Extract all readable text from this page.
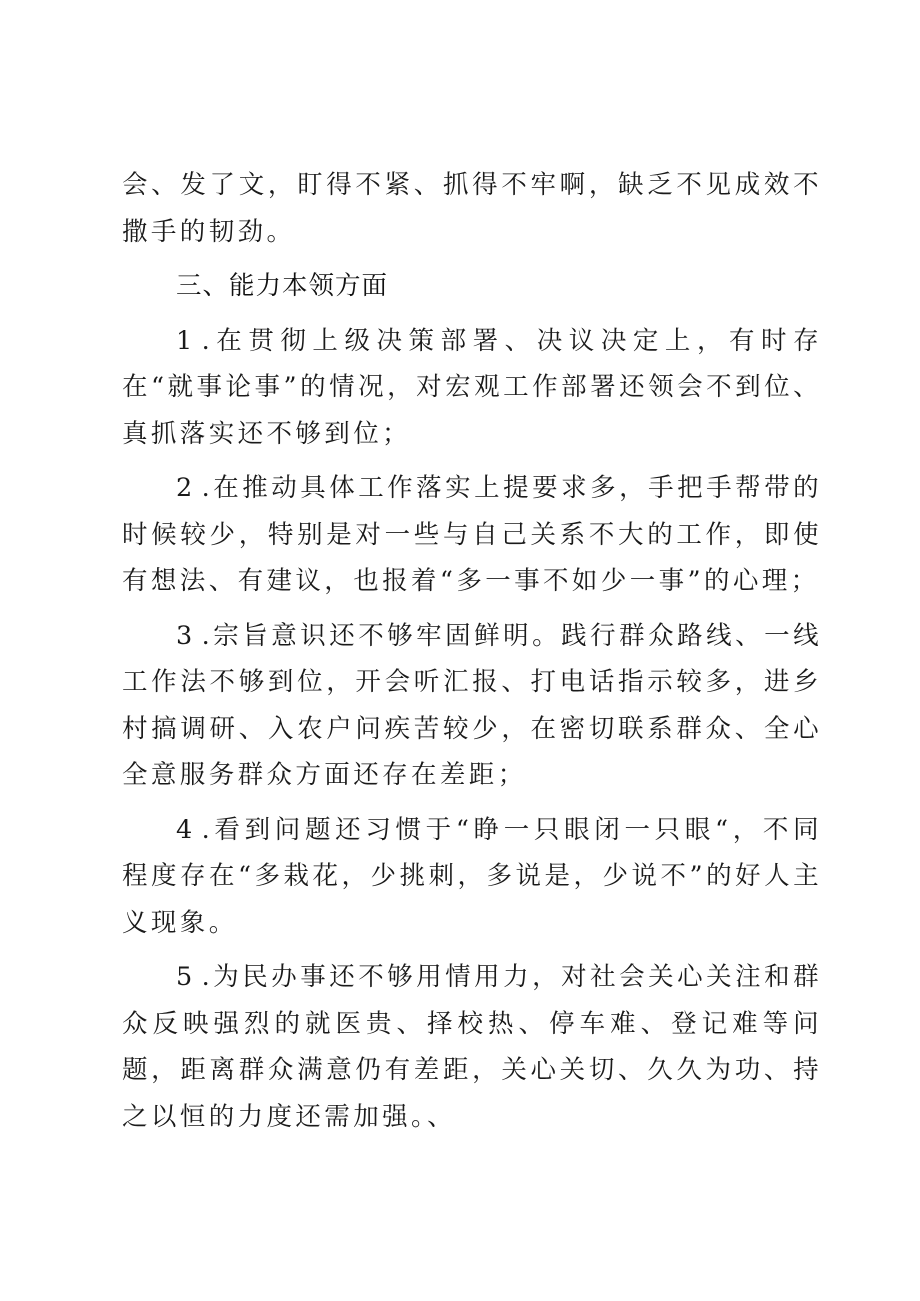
会、发了文，盯得不紧、抓得不牢啊，缺乏不见成效不撒手的韧劲。

三、能力本领方面

1 .在贯彻上级决策部署、决议决定上，有时存在“就事论事”的情况，对宏观工作部署还领会不到位、真抓落实还不够到位；

2 .在推动具体工作落实上提要求多，手把手帮带的时候较少，特别是对一些与自己关系不大的工作，即使有想法、有建议，也报着“多一事不如少一事”的心理；

3 .宗旨意识还不够牢固鲜明。践行群众路线、一线工作法不够到位，开会听汇报、打电话指示较多，进乡村搞调研、入农户问疾苦较少，在密切联系群众、全心全意服务群众方面还存在差距；

4 .看到问题还习惯于“睁一只眼闭一只眼“，不同程度存在“多栽花，少挑刺，多说是，少说不”的好人主义现象。

5 .为民办事还不够用情用力，对社会关心关注和群众反映强烈的就医贵、择校热、停车难、登记难等问题，距离群众满意仍有差距，关心关切、久久为功、持之以恒的力度还需加强。、
